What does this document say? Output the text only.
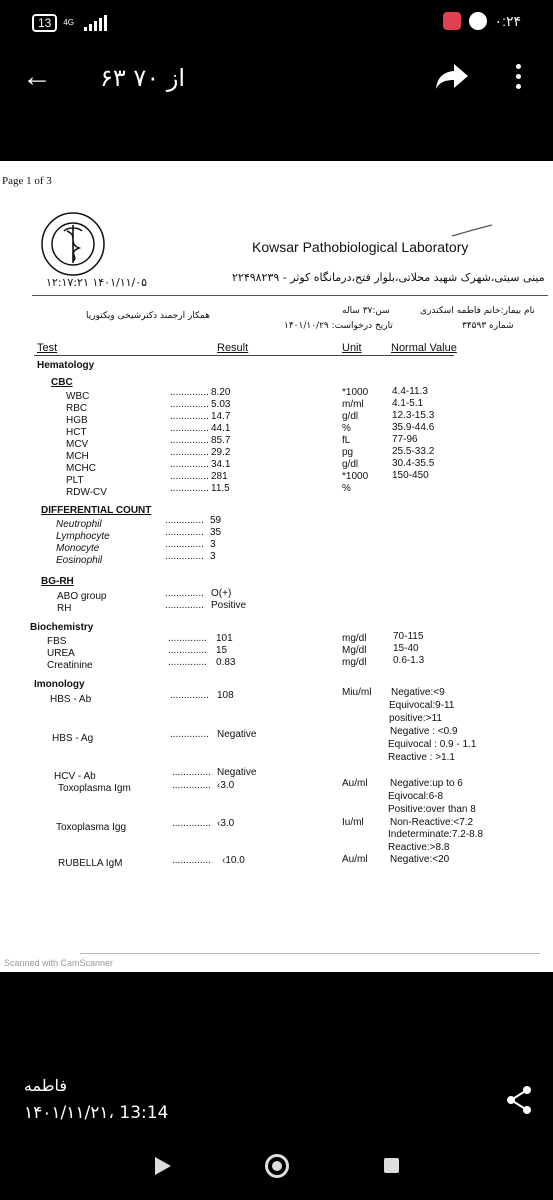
13	4G	۰:۲۴
← ۶۳ از ۷۰
Page 1 of 3
Kowsar Pathobiological Laboratory
مینی سیتی،شهرک شهید محلاتی،بلوار فتح،درمانگاه کوثر - ۲۲۴۹۸۲۳۹
۱۲:۱۷:۲۱ ۱۴۰۱/۱۱/۰۵
نام بیمار:خانم فاطمه اسکندری
سن:۳۷ ساله
همکار ارجمند دکترشیخی ویکتوریا
شماره ۳۴۵۹۳
تاریخ درخواست: ۱۴۰۱/۱۰/۲۹
Test	Result	Unit	Normal Value
Hematology
CBC
DIFFERENTIAL COUNT
BG-RH
Biochemistry
Imonology
HBS - Ab	.............. 108	Miu/ml Negative:<9
Equivocal:9-11
positive:>11
HBS - Ag	.............. Negative	Negative : <0.9
Equivocal : 0.9 - 1.1
Reactive : >1.1
HCV - Ab	.............. Negative
Toxoplasma Igm	.............. ‹3.0	Au/ml Negative:up to 6
Eqivocal:6-8
Positive:over than 8
Toxoplasma Igg	.............. ‹3.0	Iu/ml	Non-Reactive:<7.2
Indeterminate:7.2-8.8
Reactive:>8.8
RUBELLA IgM	.............. ‹10.0	Au/ml Negative:<20
Scanned with CamScanner
WBC	.............. 8.20	*1000 4.4-11.3
RBC	.............. 5.03	m/ml	4.1-5.1
HGB	.............. 14.7	g/dl	12.3-15.3
HCT	.............. 44.1	%	35.9-44.6
MCV	.............. 85.7	fL	77-96
MCH	.............. 29.2	pg	25.5-33.2
MCHC	.............. 34.1	g/dl	30.4-35.5
PLT	.............. 281	*1000 150-450
RDW-CV	.............. 11.5	%
Neutrophil	.............. 59
Lymphocyte	.............. 35
Monocyte	.............. 3
Eosinophil	.............. 3
ABO group	.............. O(+)
RH	.............. Positive
FBS	.............. 101	mg/dl	70-115
UREA	.............. 15	Mg/dl	15-40
Creatinine	.............. 0.83	mg/dl	0.6-1.3
فاطمه
۱۴۰۱/۱۱/۲۱، 13:14
